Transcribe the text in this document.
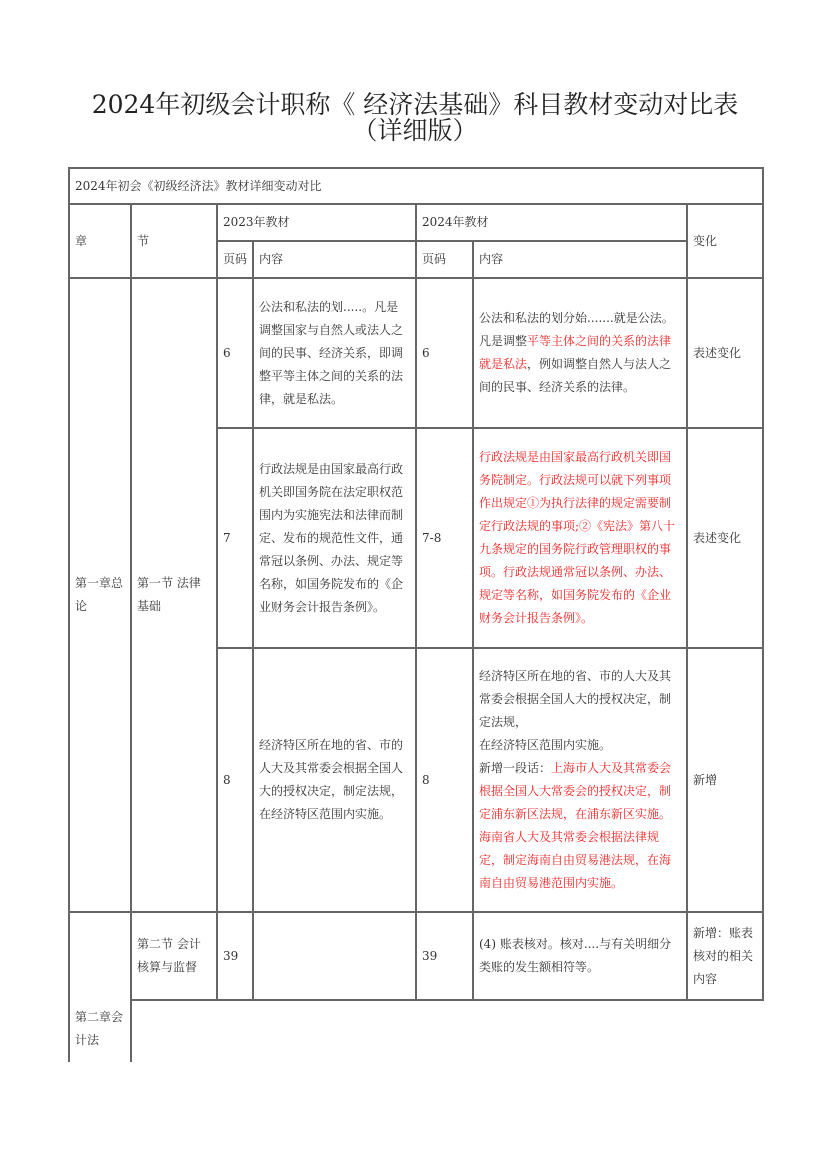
2024年初级会计职称《 经济法基础》科目教材变动对比表
（详细版）
2024年初会《初级经济法》教材详细变动对比						
章	节	2023年教材		2024年教材		变化
		页码	内容	页码	内容	
第一章总论	第一节 法律基础	6	公法和私法的划.....。凡是调整国家与自然人或法人之间的民事、经济关系，即调整平等主体之间的关系的法律，就是私法。	6	公法和私法的划分始.......就是公法。凡是调整平等主体之间的关系的法律就是私法，例如调整自然人与法人之间的民事、经济关系的法律。	表述变化
		7	行政法规是由国家最高行政机关即国务院在法定职权范围内为实施宪法和法律而制定、发布的规范性文件，通常冠以条例、办法、规定等名称，如国务院发布的《企业财务会计报告条例》。	7-8	行政法规是由国家最高行政机关即国务院制定。行政法规可以就下列事项作出规定①为执行法律的规定需要制定行政法规的事项;②《宪法》第八十九条规定的国务院行政管理职权的事项。行政法规通常冠以条例、办法、规定等名称，如国务院发布的《企业财务会计报告条例》。	表述变化
		8	经济特区所在地的省、市的人大及其常委会根据全国人大的授权决定，制定法规，在经济特区范围内实施。	8	经济特区所在地的省、市的人大及其常委会根据全国人大的授权决定，制定法规，
在经济特区范围内实施。
新增一段话：上海市人大及其常委会根据全国人大常委会的授权决定，制定浦东新区法规，在浦东新区实施。海南省人大及其常委会根据法律规定，制定海南自由贸易港法规，在海南自由贸易港范围内实施。	新增
第二章会计法	第二节 会计核算与监督	39		39	(4) 账表核对。核对....与有关明细分类账的发生额相符等。	新增：账表核对的相关内容
